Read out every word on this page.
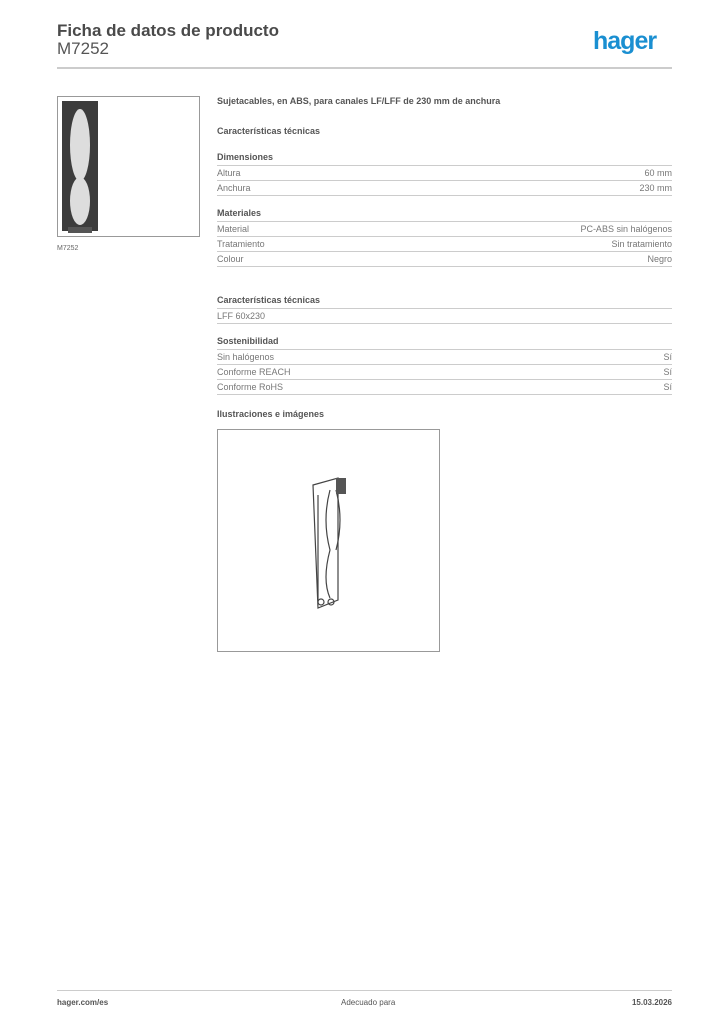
Ficha de datos de producto
M7252	hager
M7252
Sujetacables, en ABS, para canales LF/LFF de 230 mm de anchura
Características técnicas
Dimensiones
Altura	60 mm
Anchura	230 mm
Materiales
Material	PC-ABS sin halógenos
Tratamiento	Sin tratamiento
Colour	Negro
Características técnicas
LFF 60x230
Sostenibilidad
Sin halógenos	Sí
Conforme REACH	Sí
Conforme RoHS	Sí
Ilustraciones e imágenes
hager.com/es	Adecuado para	15.03.2026
